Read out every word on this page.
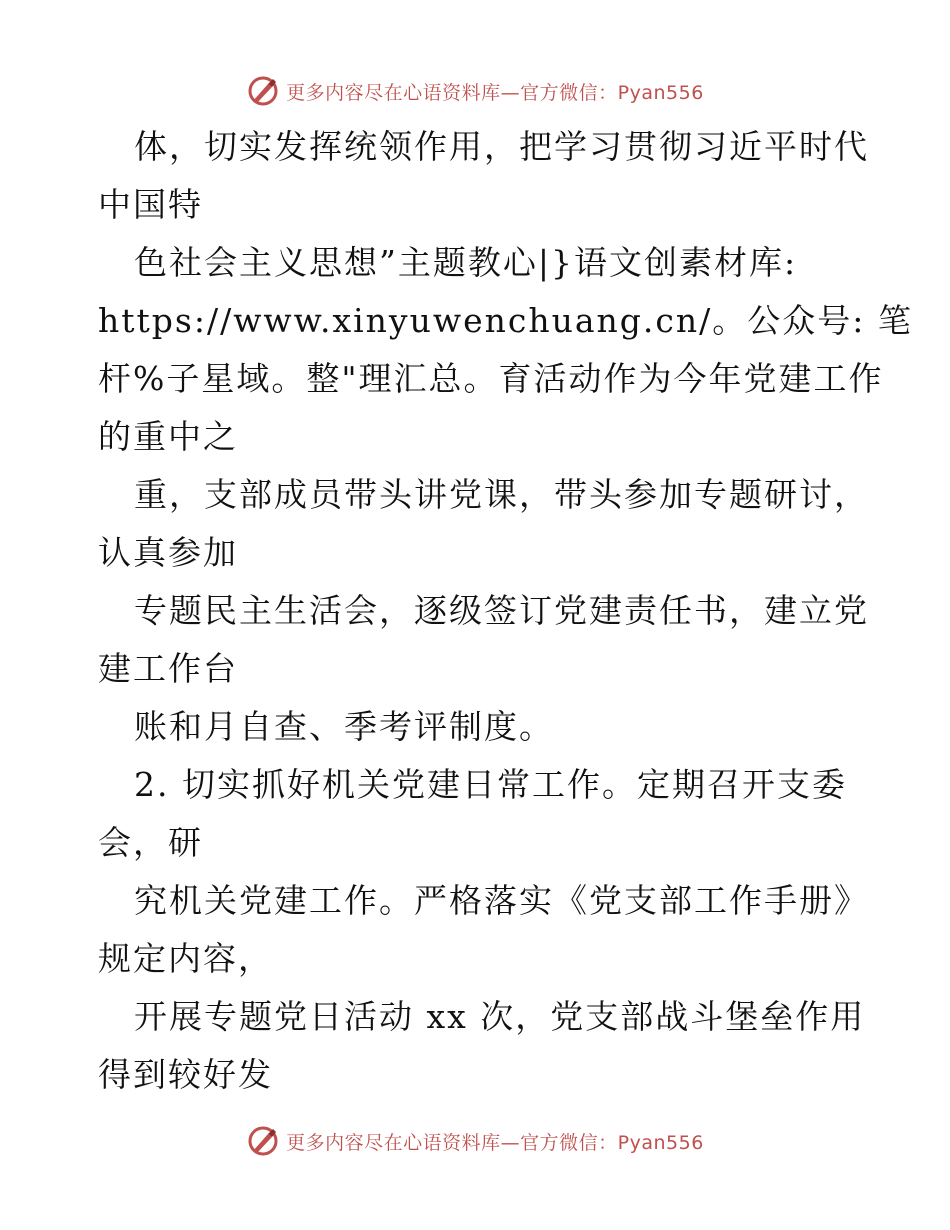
更多内容尽在心语资料库—官方微信：Pyan556
体，切实发挥统领作用，把学习贯彻习近平时代
中国特
色社会主义思想”主题教心|}语文创素材库:
https://www.xinyuwenchuang.cn/。公众号: 笔
杆%子星域。整"理汇总。育活动作为今年党建工作
的重中之
重，支部成员带头讲党课，带头参加专题研讨，
认真参加
专题民主生活会，逐级签订党建责任书，建立党
建工作台
账和月自查、季考评制度。
2. 切实抓好机关党建日常工作。定期召开支委
会，研
究机关党建工作。严格落实《党支部工作手册》
规定内容，
开展专题党日活动 xx 次，党支部战斗堡垒作用
得到较好发
更多内容尽在心语资料库—官方微信：Pyan556
